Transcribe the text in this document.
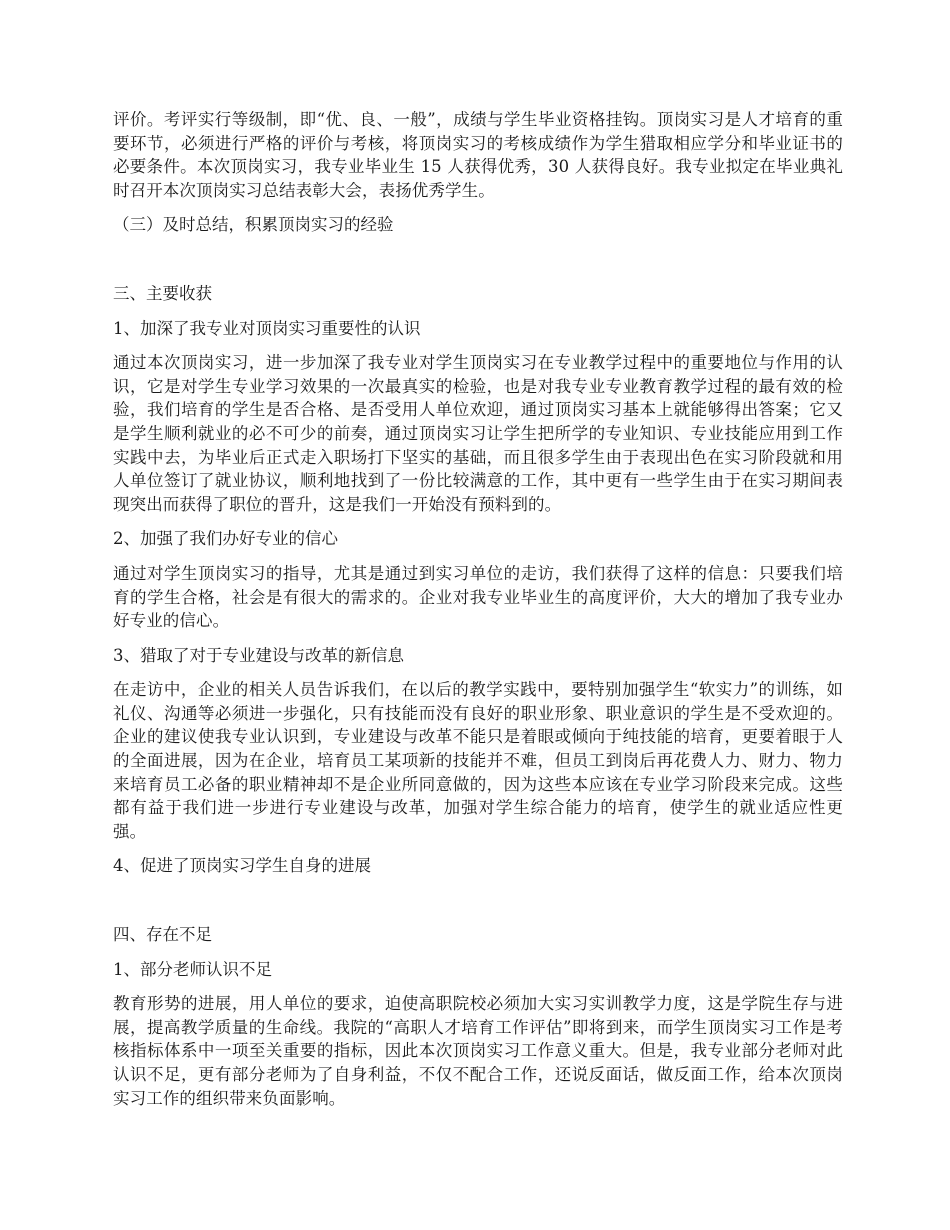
评价。考评实行等级制，即“优、良、一般”，成绩与学生毕业资格挂钩。顶岗实习是人才培育的重要环节，必须进行严格的评价与考核，将顶岗实习的考核成绩作为学生猎取相应学分和毕业证书的必要条件。本次顶岗实习，我专业毕业生 15 人获得优秀，30 人获得良好。我专业拟定在毕业典礼时召开本次顶岗实习总结表彰大会，表扬优秀学生。

（三）及时总结，积累顶岗实习的经验

三、主要收获

1、加深了我专业对顶岗实习重要性的认识

通过本次顶岗实习，进一步加深了我专业对学生顶岗实习在专业教学过程中的重要地位与作用的认识，它是对学生专业学习效果的一次最真实的检验，也是对我专业专业教育教学过程的最有效的检验，我们培育的学生是否合格、是否受用人单位欢迎，通过顶岗实习基本上就能够得出答案；它又是学生顺利就业的必不可少的前奏，通过顶岗实习让学生把所学的专业知识、专业技能应用到工作实践中去，为毕业后正式走入职场打下坚实的基础，而且很多学生由于表现出色在实习阶段就和用人单位签订了就业协议，顺利地找到了一份比较满意的工作，其中更有一些学生由于在实习期间表现突出而获得了职位的晋升，这是我们一开始没有预料到的。

2、加强了我们办好专业的信心

通过对学生顶岗实习的指导，尤其是通过到实习单位的走访，我们获得了这样的信息：只要我们培育的学生合格，社会是有很大的需求的。企业对我专业毕业生的高度评价，大大的增加了我专业办好专业的信心。

3、猎取了对于专业建设与改革的新信息

在走访中，企业的相关人员告诉我们，在以后的教学实践中，要特别加强学生“软实力”的训练，如礼仪、沟通等必须进一步强化，只有技能而没有良好的职业形象、职业意识的学生是不受欢迎的。企业的建议使我专业认识到，专业建设与改革不能只是着眼或倾向于纯技能的培育，更要着眼于人的全面进展，因为在企业，培育员工某项新的技能并不难，但员工到岗后再花费人力、财力、物力来培育员工必备的职业精神却不是企业所同意做的，因为这些本应该在专业学习阶段来完成。这些都有益于我们进一步进行专业建设与改革，加强对学生综合能力的培育，使学生的就业适应性更强。

4、促进了顶岗实习学生自身的进展

四、存在不足

1、部分老师认识不足

教育形势的进展，用人单位的要求，迫使高职院校必须加大实习实训教学力度，这是学院生存与进展，提高教学质量的生命线。我院的“高职人才培育工作评估”即将到来，而学生顶岗实习工作是考核指标体系中一项至关重要的指标，因此本次顶岗实习工作意义重大。但是，我专业部分老师对此认识不足，更有部分老师为了自身利益，不仅不配合工作，还说反面话，做反面工作，给本次顶岗实习工作的组织带来负面影响。
